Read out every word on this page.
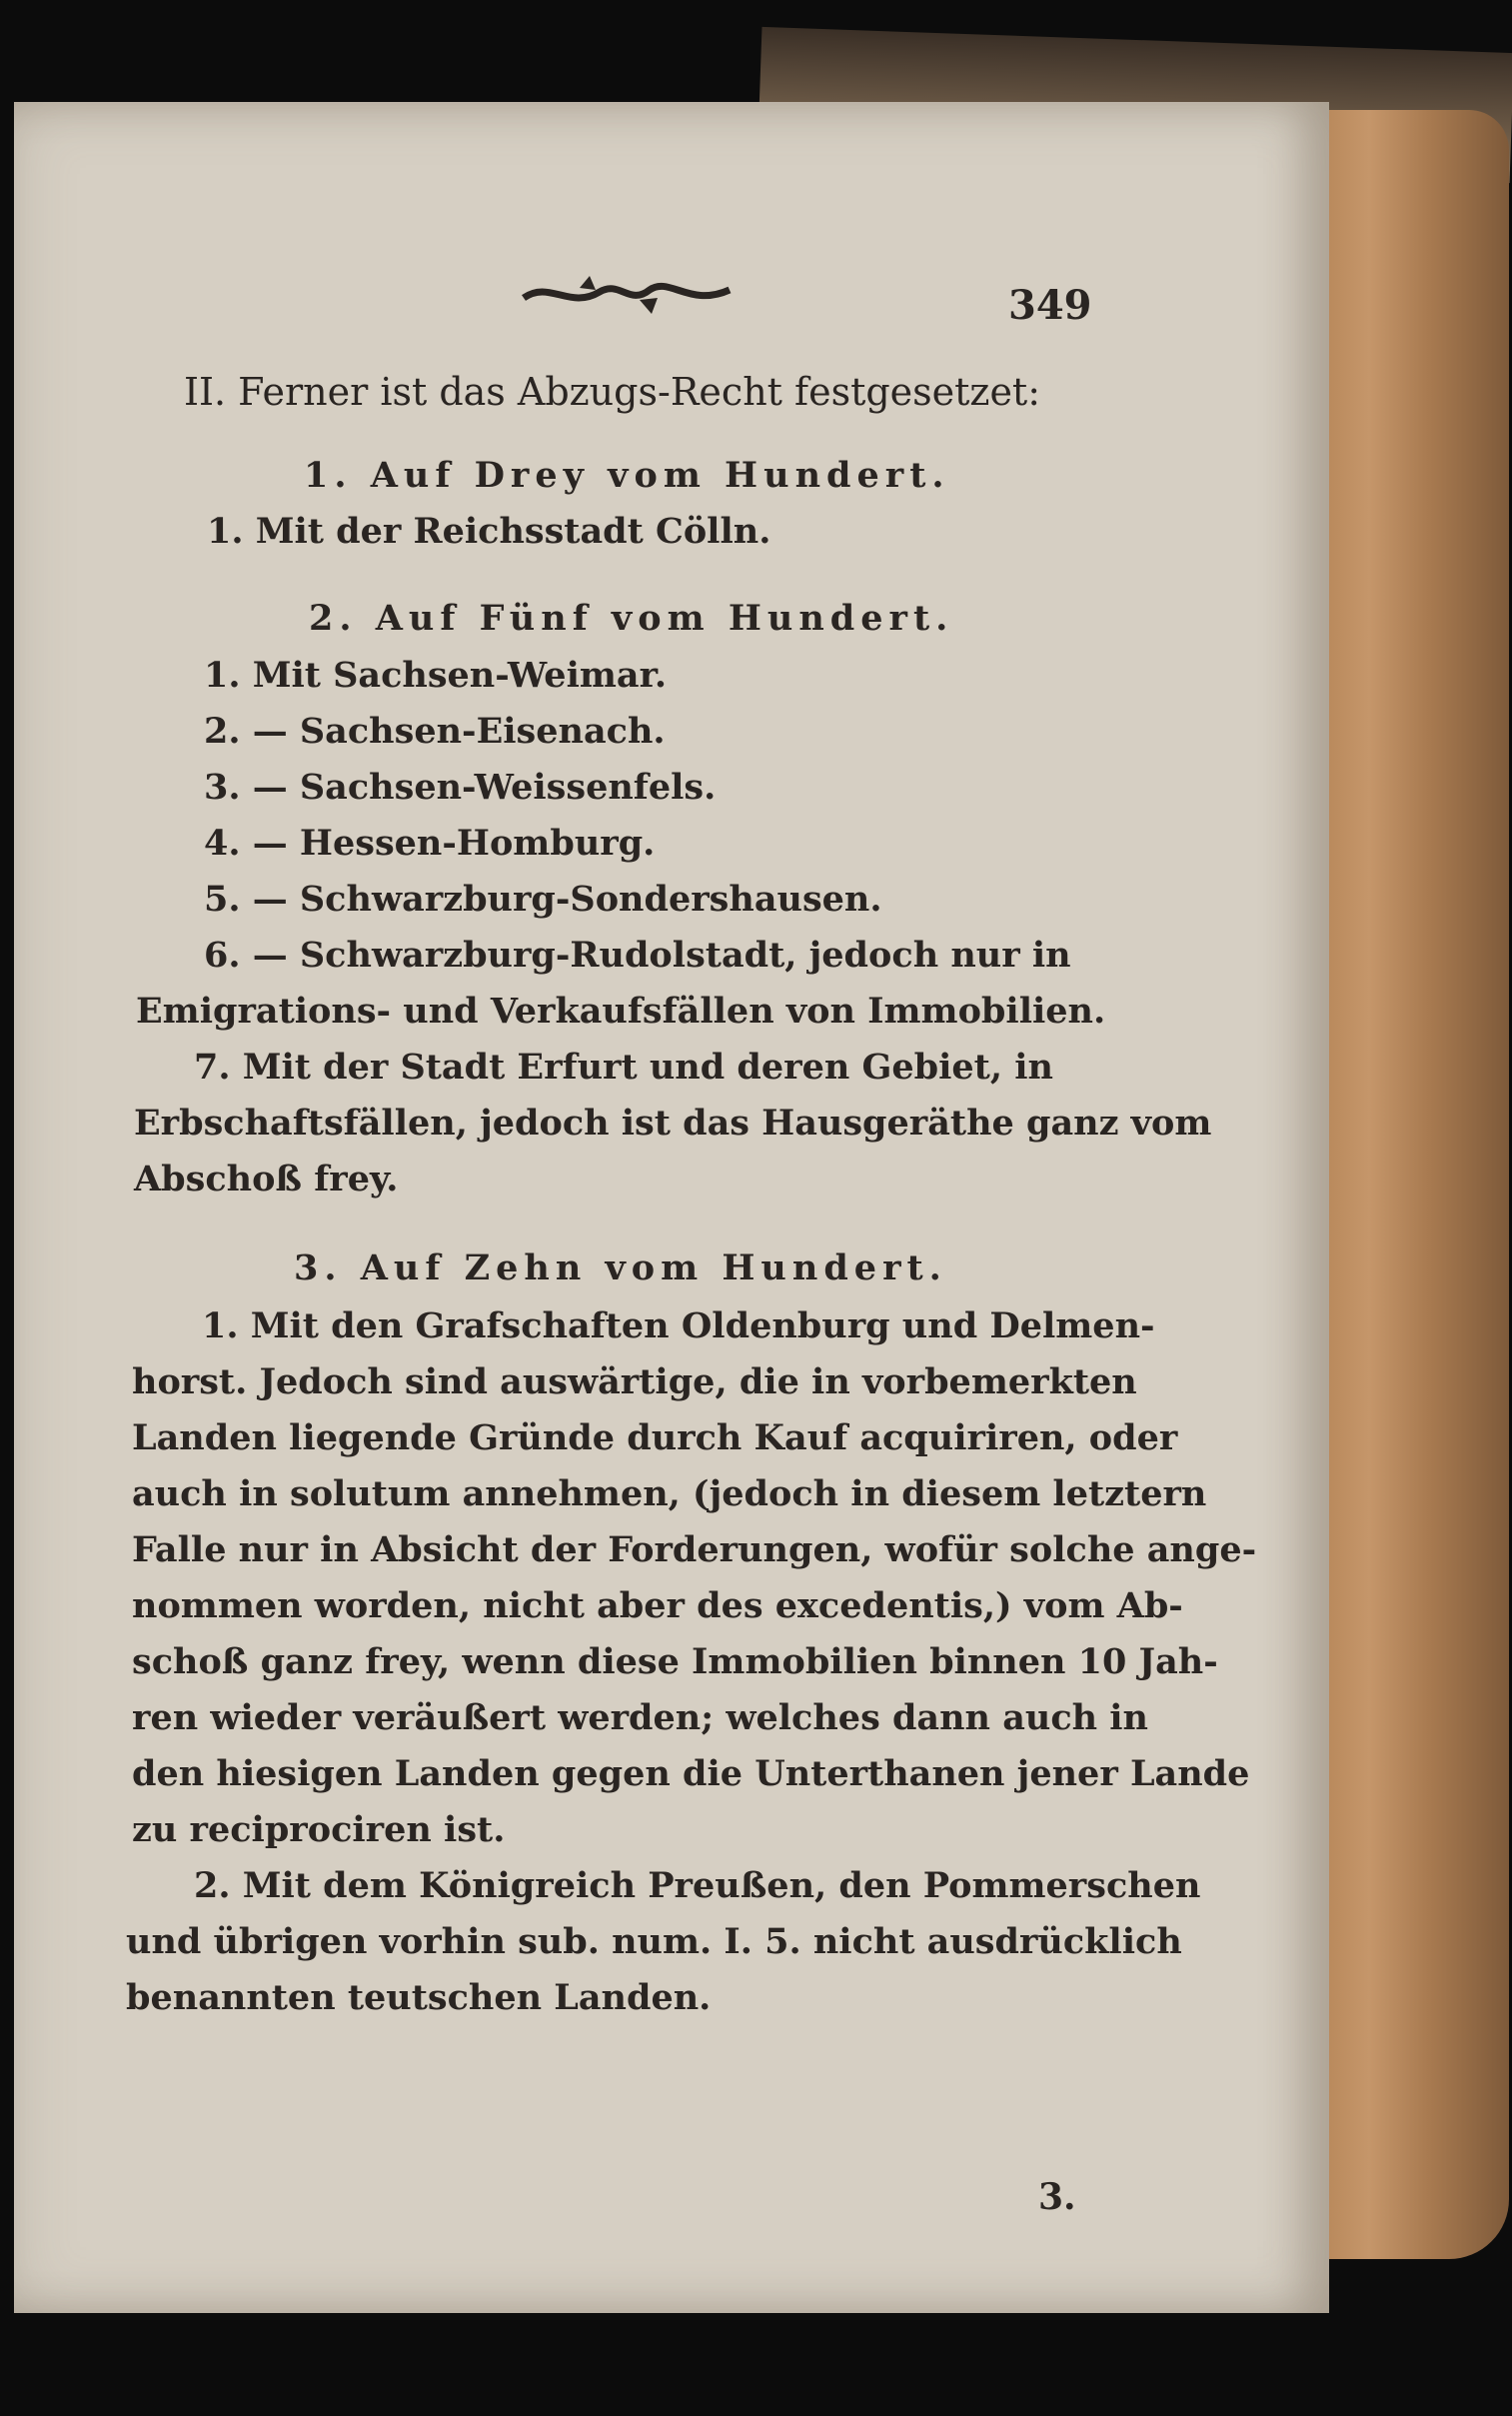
349
II. Ferner ist das Abzugs-Recht festgesetzet:
1. Auf Drey vom Hundert.
1. Mit der Reichsstadt Cölln.
2. Auf Fünf vom Hundert.
1. Mit Sachsen-Weimar.
2. — Sachsen-Eisenach.
3. — Sachsen-Weissenfels.
4. — Hessen-Homburg.
5. — Schwarzburg-Sondershausen.
6. — Schwarzburg-Rudolstadt, jedoch nur in
Emigrations- und Verkaufsfällen von Immobilien.
7. Mit der Stadt Erfurt und deren Gebiet, in
Erbschaftsfällen, jedoch ist das Hausgeräthe ganz vom
Abschoß frey.
3. Auf Zehn vom Hundert.
1. Mit den Grafschaften Oldenburg und Delmen-
horst. Jedoch sind auswärtige, die in vorbemerkten
Landen liegende Gründe durch Kauf acquiriren, oder
auch in solutum annehmen, (jedoch in diesem letztern
Falle nur in Absicht der Forderungen, wofür solche ange-
nommen worden, nicht aber des excedentis,) vom Ab-
schoß ganz frey, wenn diese Immobilien binnen 10 Jah-
ren wieder veräußert werden; welches dann auch in
den hiesigen Landen gegen die Unterthanen jener Lande
zu reciprociren ist.
2. Mit dem Königreich Preußen, den Pommerschen
und übrigen vorhin sub. num. I. 5. nicht ausdrücklich
benannten teutschen Landen.
3.
